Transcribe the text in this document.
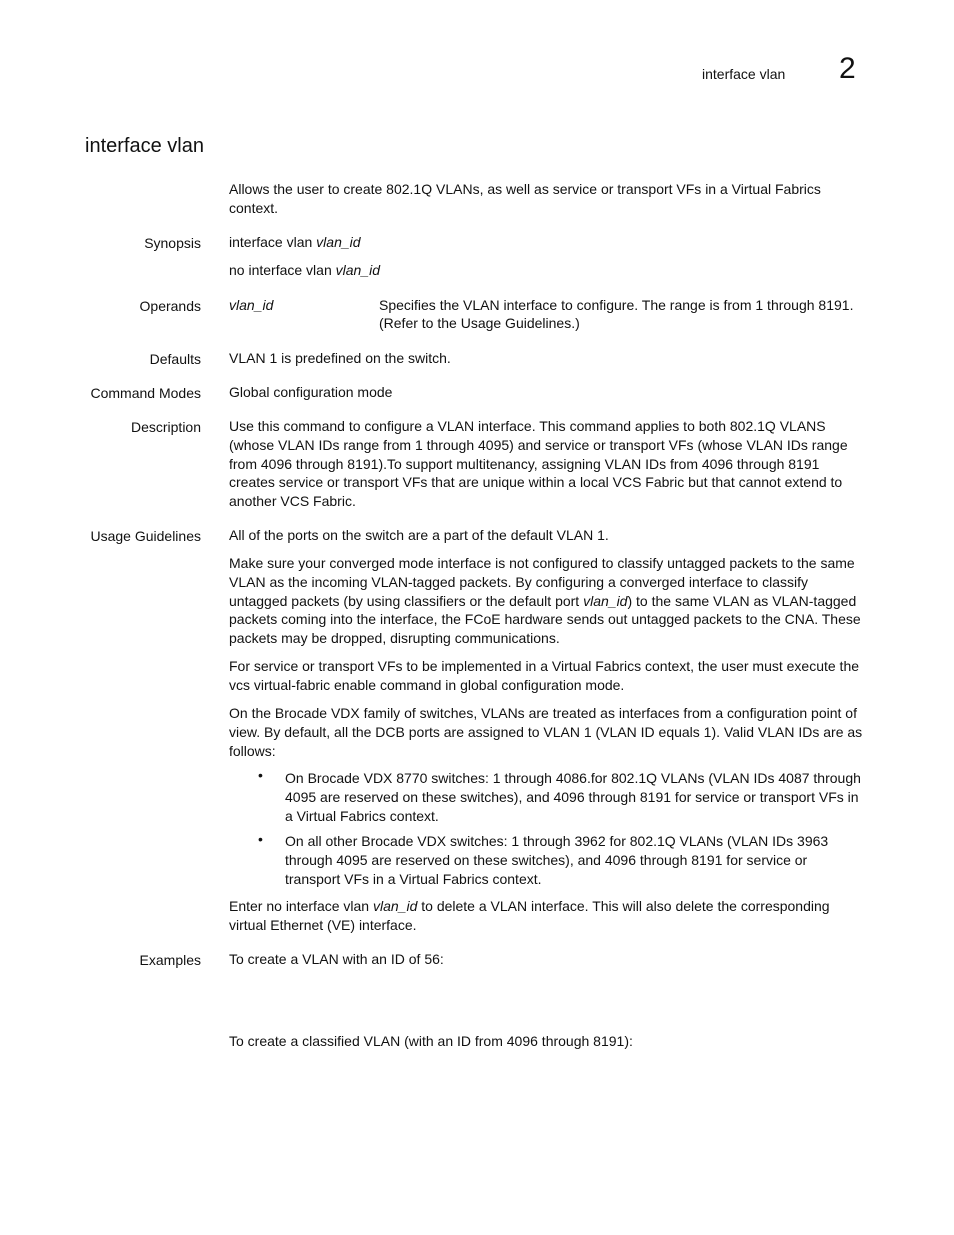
interface vlan 2
interface vlan
Allows the user to create 802.1Q VLANs, as well as service or transport VFs in a Virtual Fabrics context.
Synopsis interface vlan vlan_id
no interface vlan vlan_id
Operands vlan_id	Specifies the VLAN interface to configure. The range is from 1 through 8191. (Refer to the Usage Guidelines.)
Defaults VLAN 1 is predefined on the switch.
Command Modes Global configuration mode
Description Use this command to configure a VLAN interface. This command applies to both 802.1Q VLANS (whose VLAN IDs range from 1 through 4095) and service or transport VFs (whose VLAN IDs range from 4096 through 8191).To support multitenancy, assigning VLAN IDs from 4096 through 8191 creates service or transport VFs that are unique within a local VCS Fabric but that cannot extend to another VCS Fabric.
Usage Guidelines All of the ports on the switch are a part of the default VLAN 1.
Make sure your converged mode interface is not configured to classify untagged packets to the same VLAN as the incoming VLAN-tagged packets. By configuring a converged interface to classify untagged packets (by using classifiers or the default port vlan_id) to the same VLAN as VLAN-tagged packets coming into the interface, the FCoE hardware sends out untagged packets to the CNA. These packets may be dropped, disrupting communications.
For service or transport VFs to be implemented in a Virtual Fabrics context, the user must execute the vcs virtual-fabric enable command in global configuration mode.
On the Brocade VDX family of switches, VLANs are treated as interfaces from a configuration point of view. By default, all the DCB ports are assigned to VLAN 1 (VLAN ID equals 1). Valid VLAN IDs are as follows:
• On Brocade VDX 8770 switches: 1 through 4086.for 802.1Q VLANs (VLAN IDs 4087 through 4095 are reserved on these switches), and 4096 through 8191 for service or transport VFs in a Virtual Fabrics context.
• On all other Brocade VDX switches: 1 through 3962 for 802.1Q VLANs (VLAN IDs 3963 through 4095 are reserved on these switches), and 4096 through 8191 for service or transport VFs in a Virtual Fabrics context.
Enter no interface vlan vlan_id to delete a VLAN interface. This will also delete the corresponding virtual Ethernet (VE) interface.
Examples To create a VLAN with an ID of 56:
To create a classified VLAN (with an ID from 4096 through 8191):
